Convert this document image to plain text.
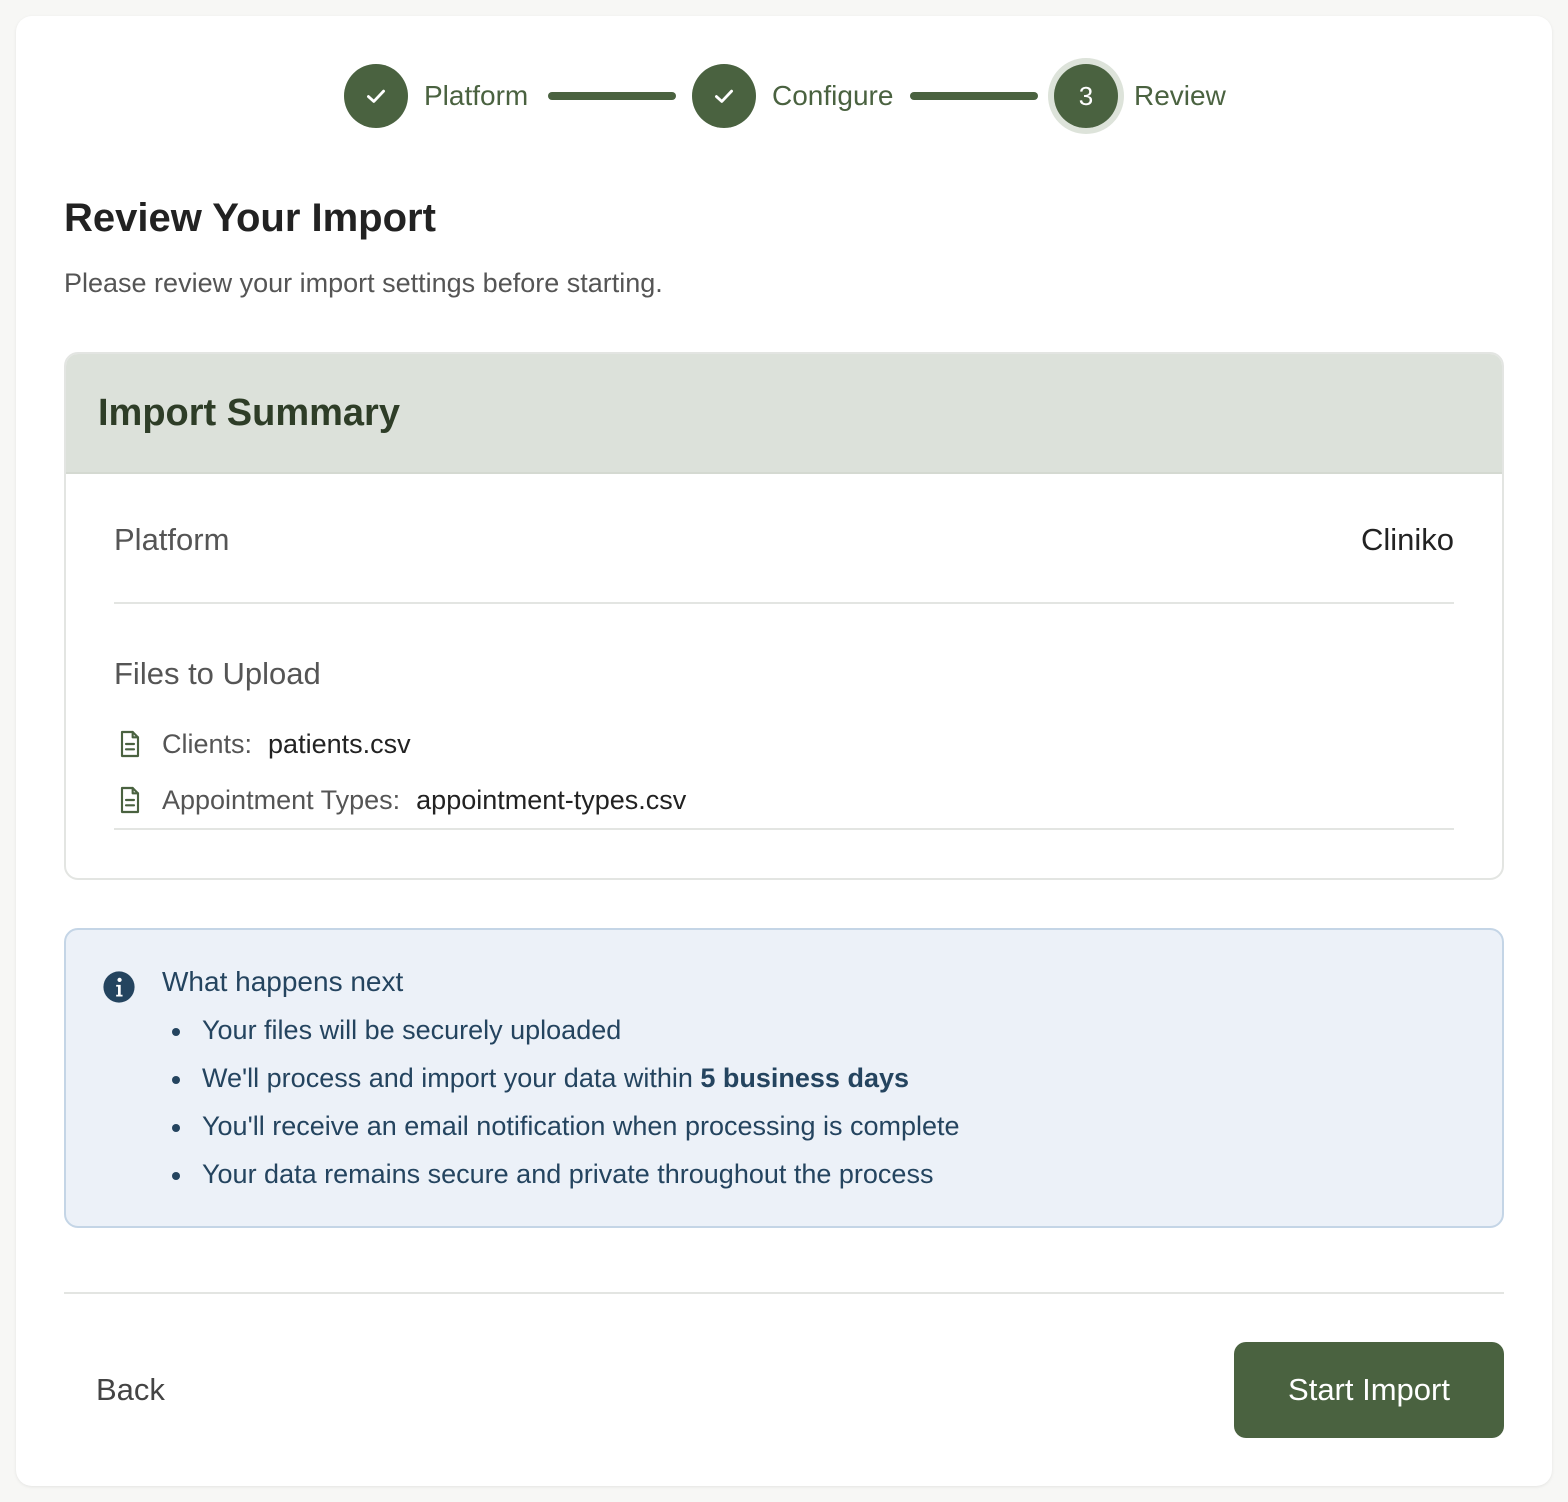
Platform	Configure	3 Review
Review Your Import

Please review your import settings before starting.

Import Summary
Platform	Cliniko
Files to Upload
Clients: patients.csv
Appointment Types: appointment-types.csv
What happens next
Your files will be securely uploaded
We'll process and import your data within 5 business days
You'll receive an email notification when processing is complete
Your data remains secure and private throughout the process
Back	Start Import
